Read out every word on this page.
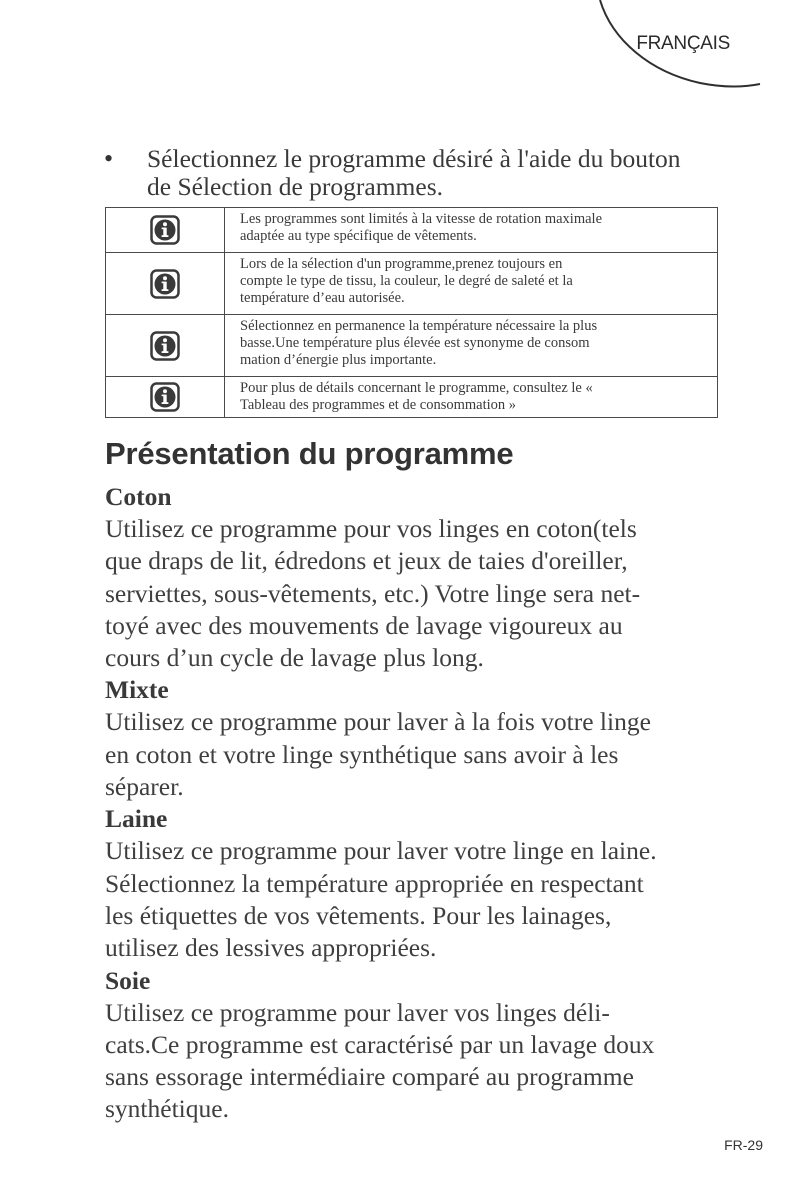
FRANÇAIS
• Sélectionnez le programme désiré à l'aide du bouton de Sélection de programmes.

Les programmes sont limités à la vitesse de rotation maximale
adaptée au type spécifique de vêtements.

Lors de la sélection d'un programme,prenez toujours en
compte le type de tissu, la couleur, le degré de saleté et la
température d’eau autorisée.

Sélectionnez en permanence la température nécessaire la plus
basse.Une température plus élevée est synonyme de consom
mation d’énergie plus importante.

Pour plus de détails concernant le programme, consultez le «
Tableau des programmes et de consommation »
Présentation du programme
Coton
Utilisez ce programme pour vos linges en coton(tels
que draps de lit, édredons et jeux de taies d'oreiller,
serviettes, sous-vêtements, etc.) Votre linge sera net-
toyé avec des mouvements de lavage vigoureux au
cours d’un cycle de lavage plus long.
Mixte
Utilisez ce programme pour laver à la fois votre linge
en coton et votre linge synthétique sans avoir à les
séparer.
Laine
Utilisez ce programme pour laver votre linge en laine.
Sélectionnez la température appropriée en respectant
les étiquettes de vos vêtements. Pour les lainages,
utilisez des lessives appropriées.
Soie
Utilisez ce programme pour laver vos linges déli-
cats.Ce programme est caractérisé par un lavage doux
sans essorage intermédiaire comparé au programme
synthétique.
FR-29
